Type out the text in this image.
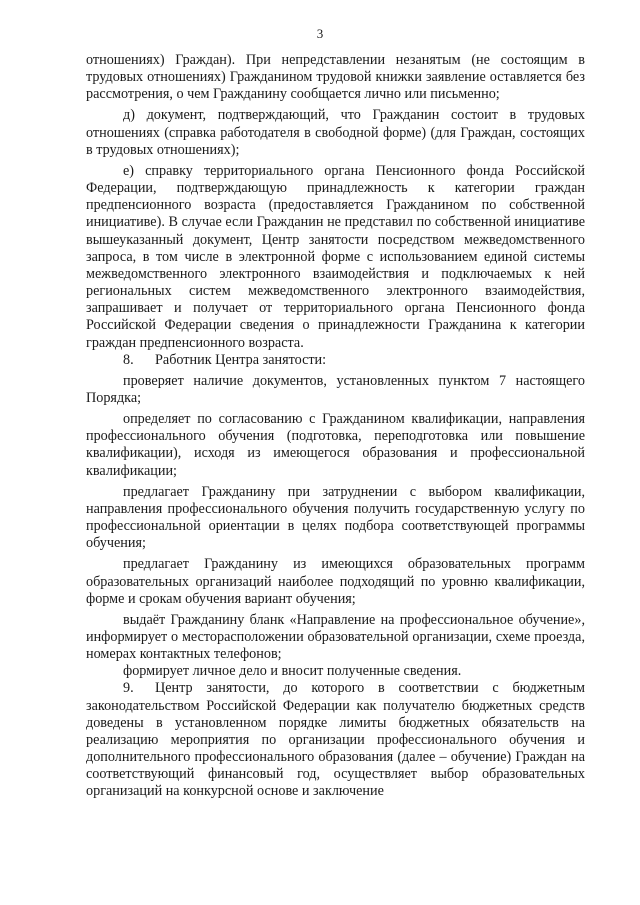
3

отношениях) Граждан). При непредставлении незанятым (не состоящим в трудовых отношениях) Гражданином трудовой книжки заявление оставляется без рассмотрения, о чем Гражданину сообщается лично или письменно;

д) документ, подтверждающий, что Гражданин состоит в трудовых отношениях (справка работодателя в свободной форме) (для Граждан, состоящих в трудовых отношениях);

е) справку территориального органа Пенсионного фонда Российской Федерации, подтверждающую принадлежность к категории граждан предпенсионного возраста (предоставляется Гражданином по собственной инициативе). В случае если Гражданин не представил по собственной инициативе вышеуказанный документ, Центр занятости посредством межведомственного запроса, в том числе в электронной форме с использованием единой системы межведомственного электронного взаимодействия и подключаемых к ней региональных систем межведомственного электронного взаимодействия, запрашивает и получает от территориального органа Пенсионного фонда Российской Федерации сведения о принадлежности Гражданина к категории граждан предпенсионного возраста.

8. Работник Центра занятости:

проверяет наличие документов, установленных пунктом 7 настоящего Порядка;

определяет по согласованию с Гражданином квалификации, направления профессионального обучения (подготовка, переподготовка или повышение квалификации), исходя из имеющегося образования и профессиональной квалификации;

предлагает Гражданину при затруднении с выбором квалификации, направления профессионального обучения получить государственную услугу по профессиональной ориентации в целях подбора соответствующей программы обучения;

предлагает Гражданину из имеющихся образовательных программ образовательных организаций наиболее подходящий по уровню квалификации, форме и срокам обучения вариант обучения;

выдаёт Гражданину бланк «Направление на профессиональное обучение», информирует о месторасположении образовательной организации, схеме проезда, номерах контактных телефонов;

формирует личное дело и вносит полученные сведения.

9. Центр занятости, до которого в соответствии с бюджетным законодательством Российской Федерации как получателю бюджетных средств доведены в установленном порядке лимиты бюджетных обязательств на реализацию мероприятия по организации профессионального обучения и дополнительного профессионального образования (далее – обучение) Граждан на соответствующий финансовый год, осуществляет выбор образовательных организаций на конкурсной основе и заключение
